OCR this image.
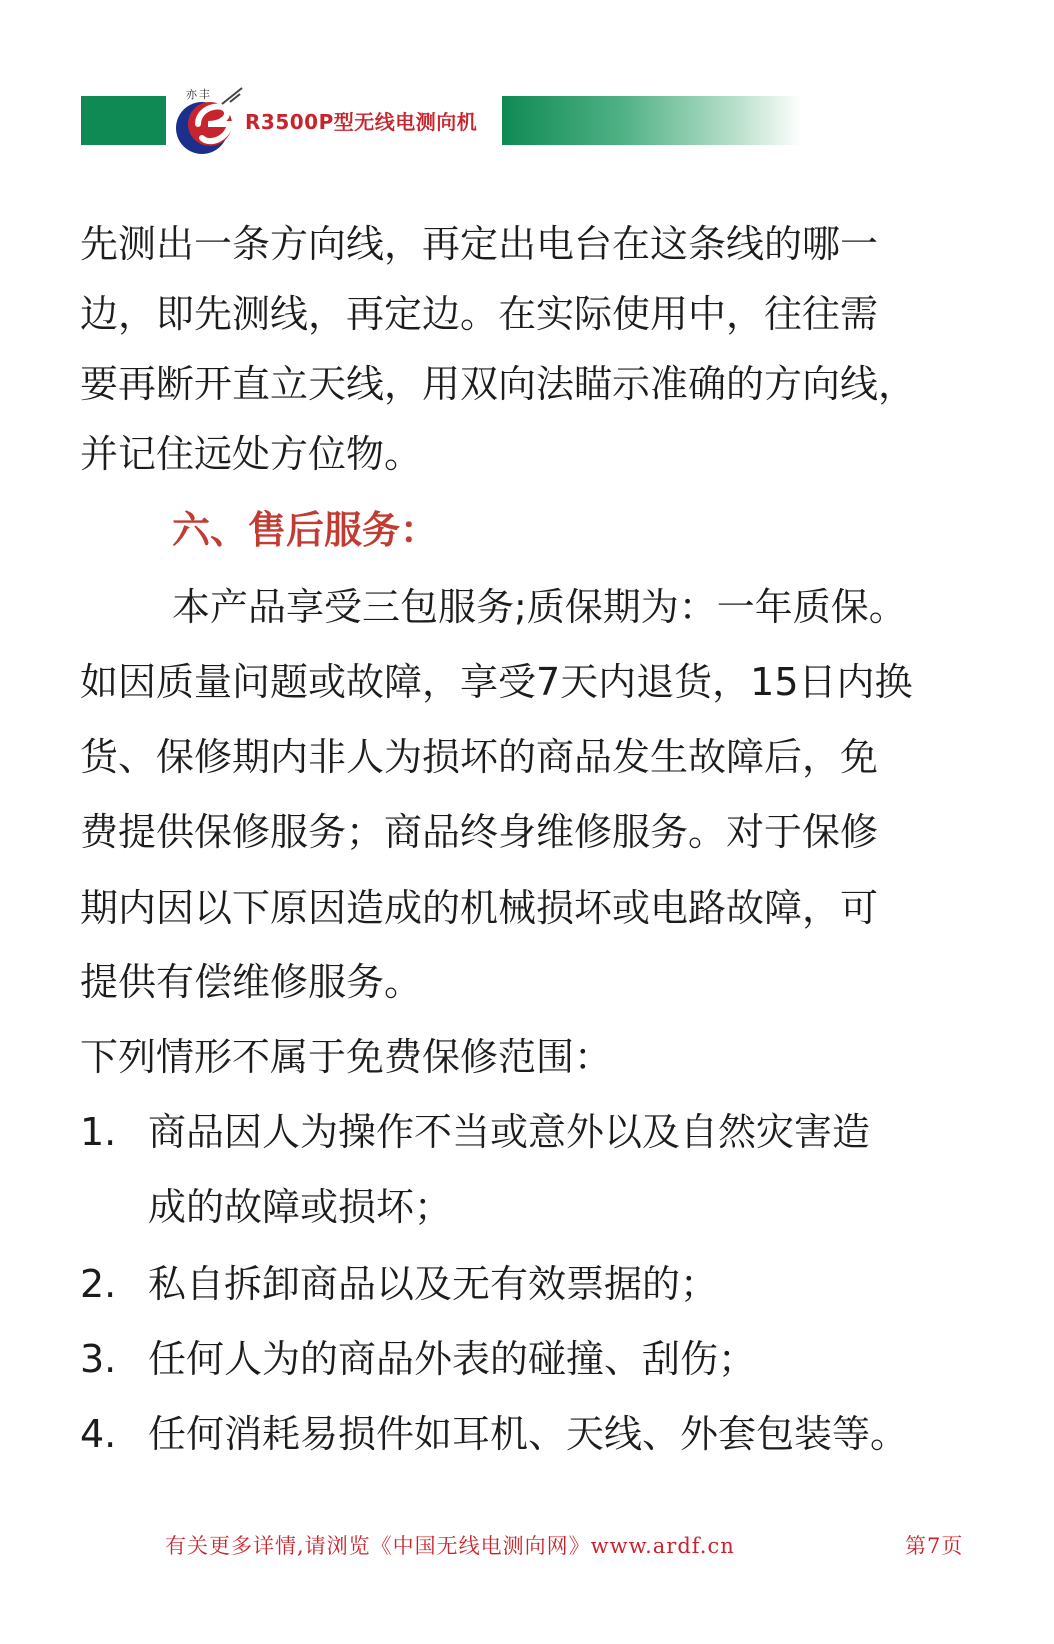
亦丰
R3500P型无线电测向机
先测出一条方向线，再定出电台在这条线的哪一
边，即先测线，再定边。在实际使用中，往往需
要再断开直立天线，用双向法瞄示准确的方向线，
并记住远处方位物。
六、售后服务：
本产品享受三包服务;质保期为：一年质保。
如因质量问题或故障，享受7天内退货，15日内换
货、保修期内非人为损坏的商品发生故障后，免
费提供保修服务；商品终身维修服务。对于保修
期内因以下原因造成的机械损坏或电路故障，可
提供有偿维修服务。
下列情形不属于免费保修范围：
1. 商品因人为操作不当或意外以及自然灾害造
成的故障或损坏；
2. 私自拆卸商品以及无有效票据的；
3. 任何人为的商品外表的碰撞、刮伤；
4. 任何消耗易损件如耳机、天线、外套包装等。
有关更多详情,请浏览《中国无线电测向网》www.ardf.cn	第7页
